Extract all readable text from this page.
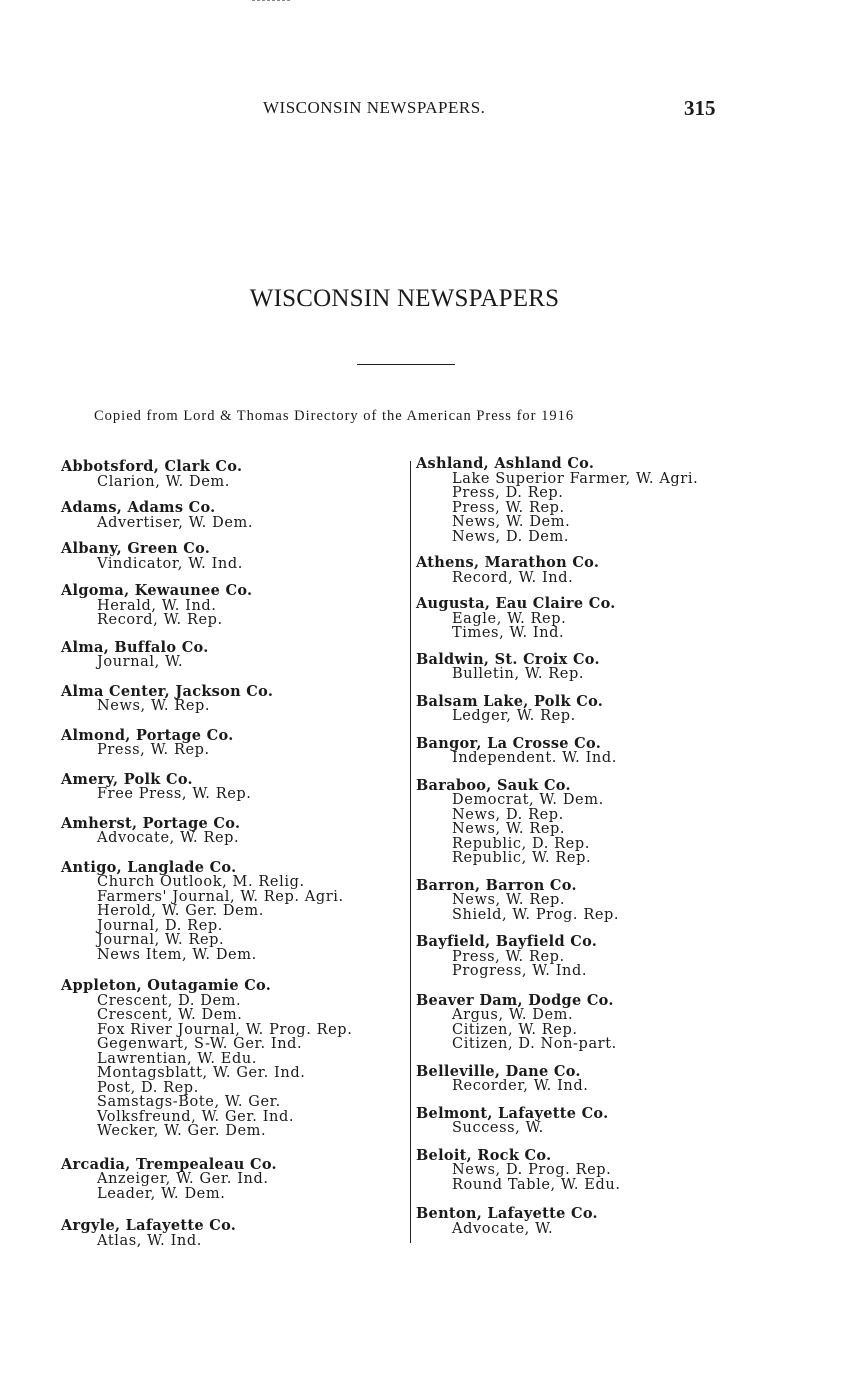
WISCONSIN NEWSPAPERS.	315
WISCONSIN NEWSPAPERS
Copied from Lord & Thomas Directory of the American Press for 1916
Abbotsford, Clark Co.
Clarion, W. Dem.
Adams, Adams Co.
Advertiser, W. Dem.
Albany, Green Co.
Vindicator, W. Ind.
Algoma, Kewaunee Co.
Herald, W. Ind.
Record, W. Rep.
Alma, Buffalo Co.
Journal, W.
Alma Center, Jackson Co.
News, W. Rep.
Almond, Portage Co.
Press, W. Rep.
Amery, Polk Co.
Free Press, W. Rep.
Amherst, Portage Co.
Advocate, W. Rep.
Antigo, Langlade Co.
Church Outlook, M. Relig.
Farmers' Journal, W. Rep. Agri.
Herold, W. Ger. Dem.
Journal, D. Rep.
Journal, W. Rep.
News Item, W. Dem.
Appleton, Outagamie Co.
Crescent, D. Dem.
Crescent, W. Dem.
Fox River Journal, W. Prog. Rep.
Gegenwart, S-W. Ger. Ind.
Lawrentian, W. Edu.
Montagsblatt, W. Ger. Ind.
Post, D. Rep.
Samstags-Bote, W. Ger.
Volksfreund, W. Ger. Ind.
Wecker, W. Ger. Dem.
Arcadia, Trempealeau Co.
Anzeiger, W. Ger. Ind.
Leader, W. Dem.
Argyle, Lafayette Co.
Atlas, W. Ind.
Ashland, Ashland Co.
Lake Superior Farmer, W. Agri.
Press, D. Rep.
Press, W. Rep.
News, W. Dem.
News, D. Dem.
Athens, Marathon Co.
Record, W. Ind.
Augusta, Eau Claire Co.
Eagle, W. Rep.
Times, W. Ind.
Baldwin, St. Croix Co.
Bulletin, W. Rep.
Balsam Lake, Polk Co.
Ledger, W. Rep.
Bangor, La Crosse Co.
Independent. W. Ind.
Baraboo, Sauk Co.
Democrat, W. Dem.
News, D. Rep.
News, W. Rep.
Republic, D. Rep.
Republic, W. Rep.
Barron, Barron Co.
News, W. Rep.
Shield, W. Prog. Rep.
Bayfield, Bayfield Co.
Press, W. Rep.
Progress, W. Ind.
Beaver Dam, Dodge Co.
Argus, W. Dem.
Citizen, W. Rep.
Citizen, D. Non-part.
Belleville, Dane Co.
Recorder, W. Ind.
Belmont, Lafayette Co.
Success, W.
Beloit, Rock Co.
News, D. Prog. Rep.
Round Table, W. Edu.
Benton, Lafayette Co.
Advocate, W.
